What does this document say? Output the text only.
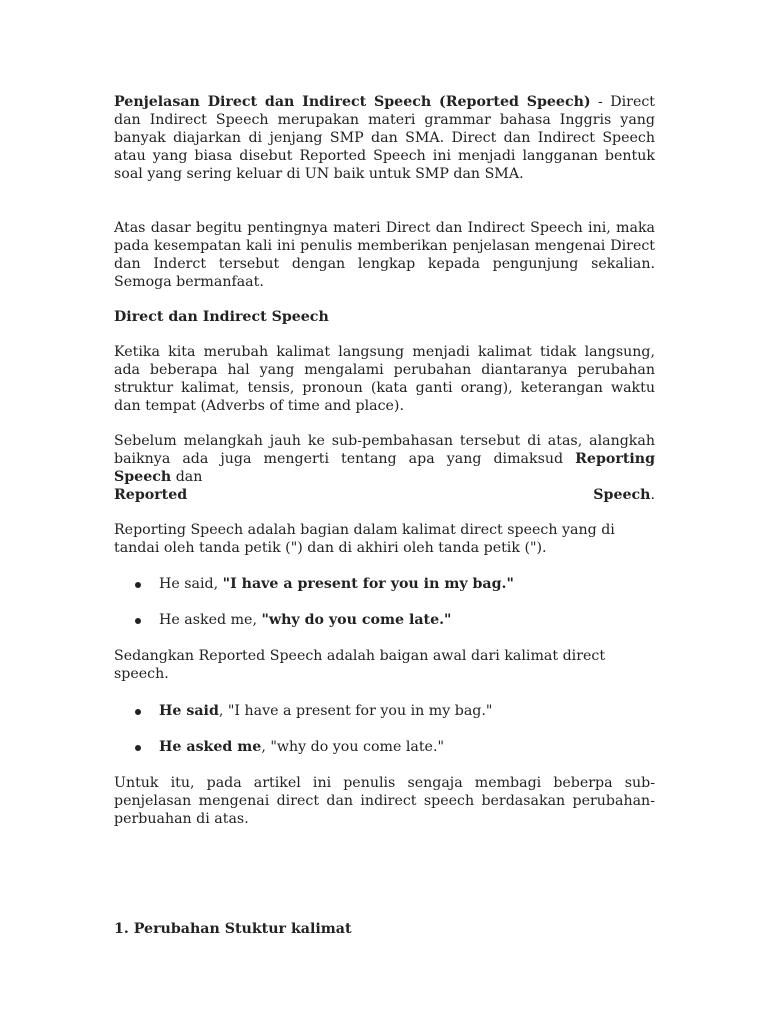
Penjelasan Direct dan Indirect Speech (Reported Speech) - Direct dan Indirect Speech merupakan materi grammar bahasa Inggris yang banyak diajarkan di jenjang SMP dan SMA. Direct dan Indirect Speech atau yang biasa disebut Reported Speech ini menjadi langganan bentuk soal yang sering keluar di UN baik untuk SMP dan SMA.

Atas dasar begitu pentingnya materi Direct dan Indirect Speech ini, maka pada kesempatan kali ini penulis memberikan penjelasan mengenai Direct dan Inderct tersebut dengan lengkap kepada pengunjung sekalian. Semoga bermanfaat.

Direct dan Indirect Speech

Ketika kita merubah kalimat langsung menjadi kalimat tidak langsung, ada beberapa hal yang mengalami perubahan diantaranya perubahan struktur kalimat, tensis, pronoun (kata ganti orang), keterangan waktu dan tempat (Adverbs of time and place).

Sebelum melangkah jauh ke sub-pembahasan tersebut di atas, alangkah baiknya ada juga mengerti tentang apa yang dimaksud Reporting Speech dan
Reported	Speech.

Reporting Speech adalah bagian dalam kalimat direct speech yang di tandai oleh tanda petik (") dan di akhiri oleh tanda petik (").

He said, "I have a present for you in my bag."
He asked me, "why do you come late."

Sedangkan Reported Speech adalah baigan awal dari kalimat direct speech.

He said, "I have a present for you in my bag."
He asked me, "why do you come late."

Untuk itu, pada artikel ini penulis sengaja membagi beberpa sub-penjelasan mengenai direct dan indirect speech berdasakan perubahan-perbuahan di atas.

1. Perubahan Stuktur kalimat
